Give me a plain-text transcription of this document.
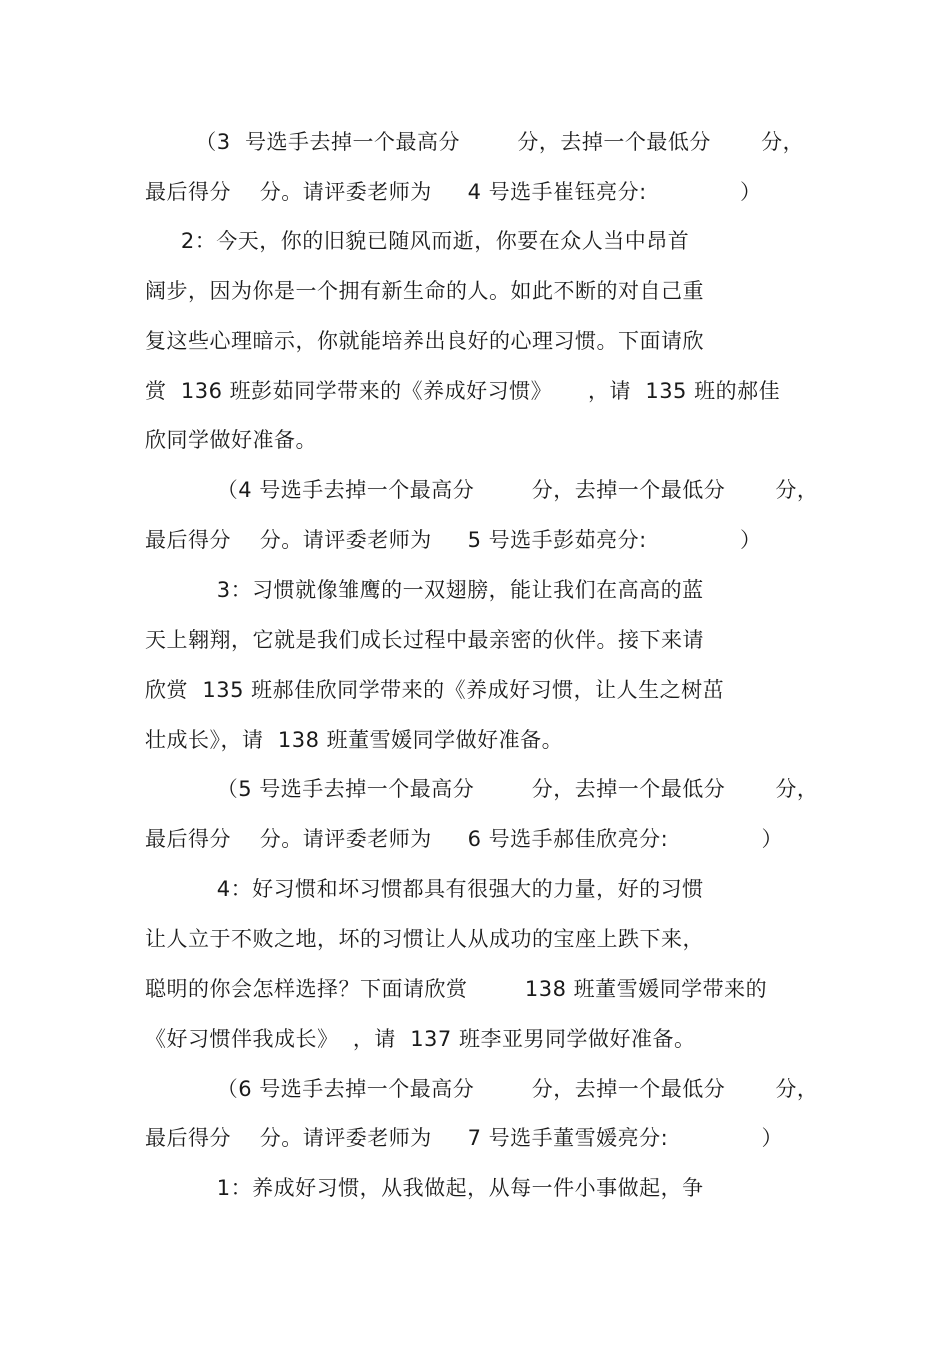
（3  号选手去掉一个最高分        分，去掉一个最低分       分，
最后得分    分。请评委老师为     4 号选手崔钰亮分:             ）
2：今天，你的旧貌已随风而逝，你要在众人当中昂首
阔步，因为你是一个拥有新生命的人。如此不断的对自己重
复这些心理暗示，你就能培养出良好的心理习惯。下面请欣
赏  136 班彭茹同学带来的《养成好习惯》     ，请  135 班的郝佳
欣同学做好准备。
（4 号选手去掉一个最高分        分，去掉一个最低分       分，
最后得分    分。请评委老师为     5 号选手彭茹亮分:             ）
3：习惯就像雏鹰的一双翅膀，能让我们在高高的蓝
天上翱翔，它就是我们成长过程中最亲密的伙伴。接下来请
欣赏  135 班郝佳欣同学带来的《养成好习惯，让人生之树茁
壮成长》，请  138 班董雪媛同学做好准备。
（5 号选手去掉一个最高分        分，去掉一个最低分       分，
最后得分    分。请评委老师为     6 号选手郝佳欣亮分:             ）
4：好习惯和坏习惯都具有很强大的力量，好的习惯
让人立于不败之地，坏的习惯让人从成功的宝座上跌下来，
聪明的你会怎样选择？下面请欣赏        138 班董雪媛同学带来的
《好习惯伴我成长》  ，请  137 班李亚男同学做好准备。
（6 号选手去掉一个最高分        分，去掉一个最低分       分，
最后得分    分。请评委老师为     7 号选手董雪媛亮分:             ）
1：养成好习惯，从我做起，从每一件小事做起，争
